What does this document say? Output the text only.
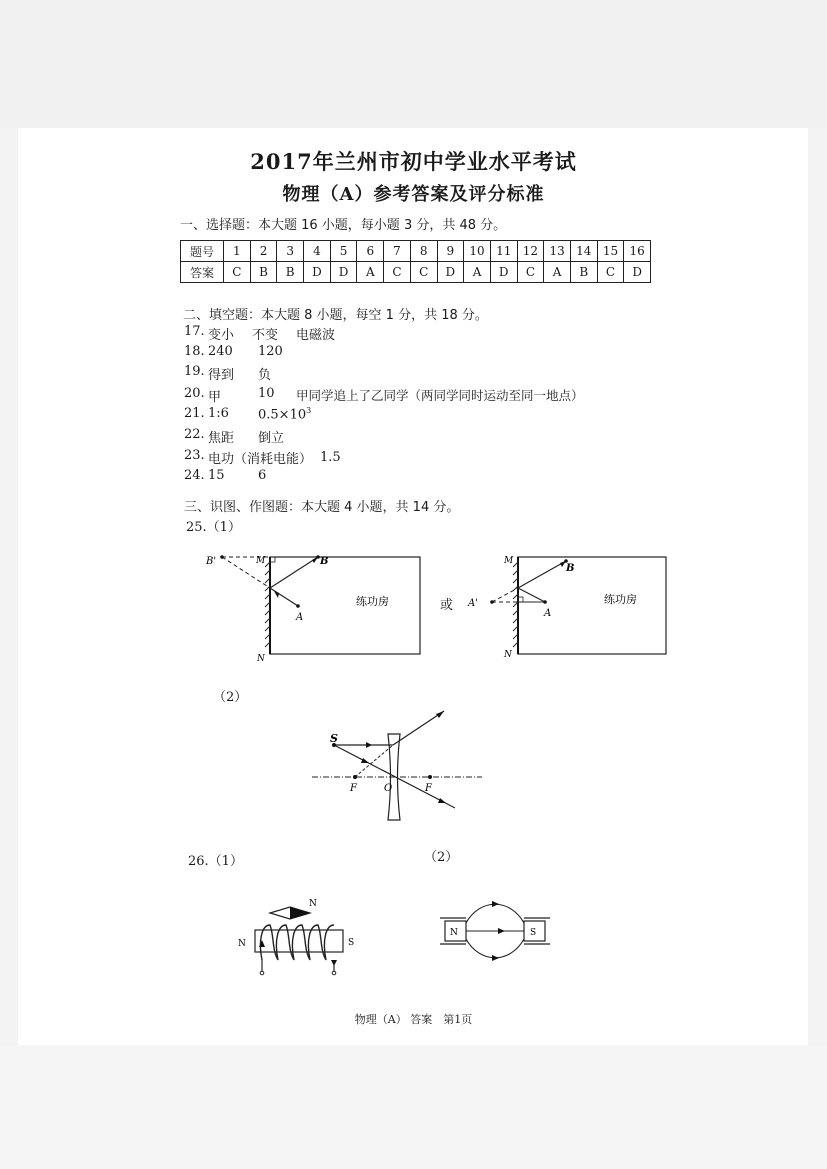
2017年兰州市初中学业水平考试
物理（A）参考答案及评分标准
一、选择题：本大题 16 小题，每小题 3 分，共 48 分。
题号	1	2	3	4	5	6	7	8	9	10	11	12	13	14	15	16
答案	C	B	B	D	D	A	C	C	D	A	D	C	A	B	C	D
二、填空题：本大题 8 小题，每空 1 分，共 18 分。
17. 变小 不变 电磁波
18. 240 120
19. 得到 负
20. 甲	10 甲同学追上了乙同学（两同学同时运动至同一地点）
21. 1:6 $0.5\times 10^3$
22. 焦距 倒立
23. 电功（消耗电能） 1.5
24. 15	6
三、识图、作图题：本大题 4 小题，共 14 分。
25.（1）
B'	M	B
A
N
练功房	或
M
B
A'
A
N
练功房
（2）
S
F	O	F
26.（1）	（2）
N
N	S
N	S
物理（A） 答案　第1页
